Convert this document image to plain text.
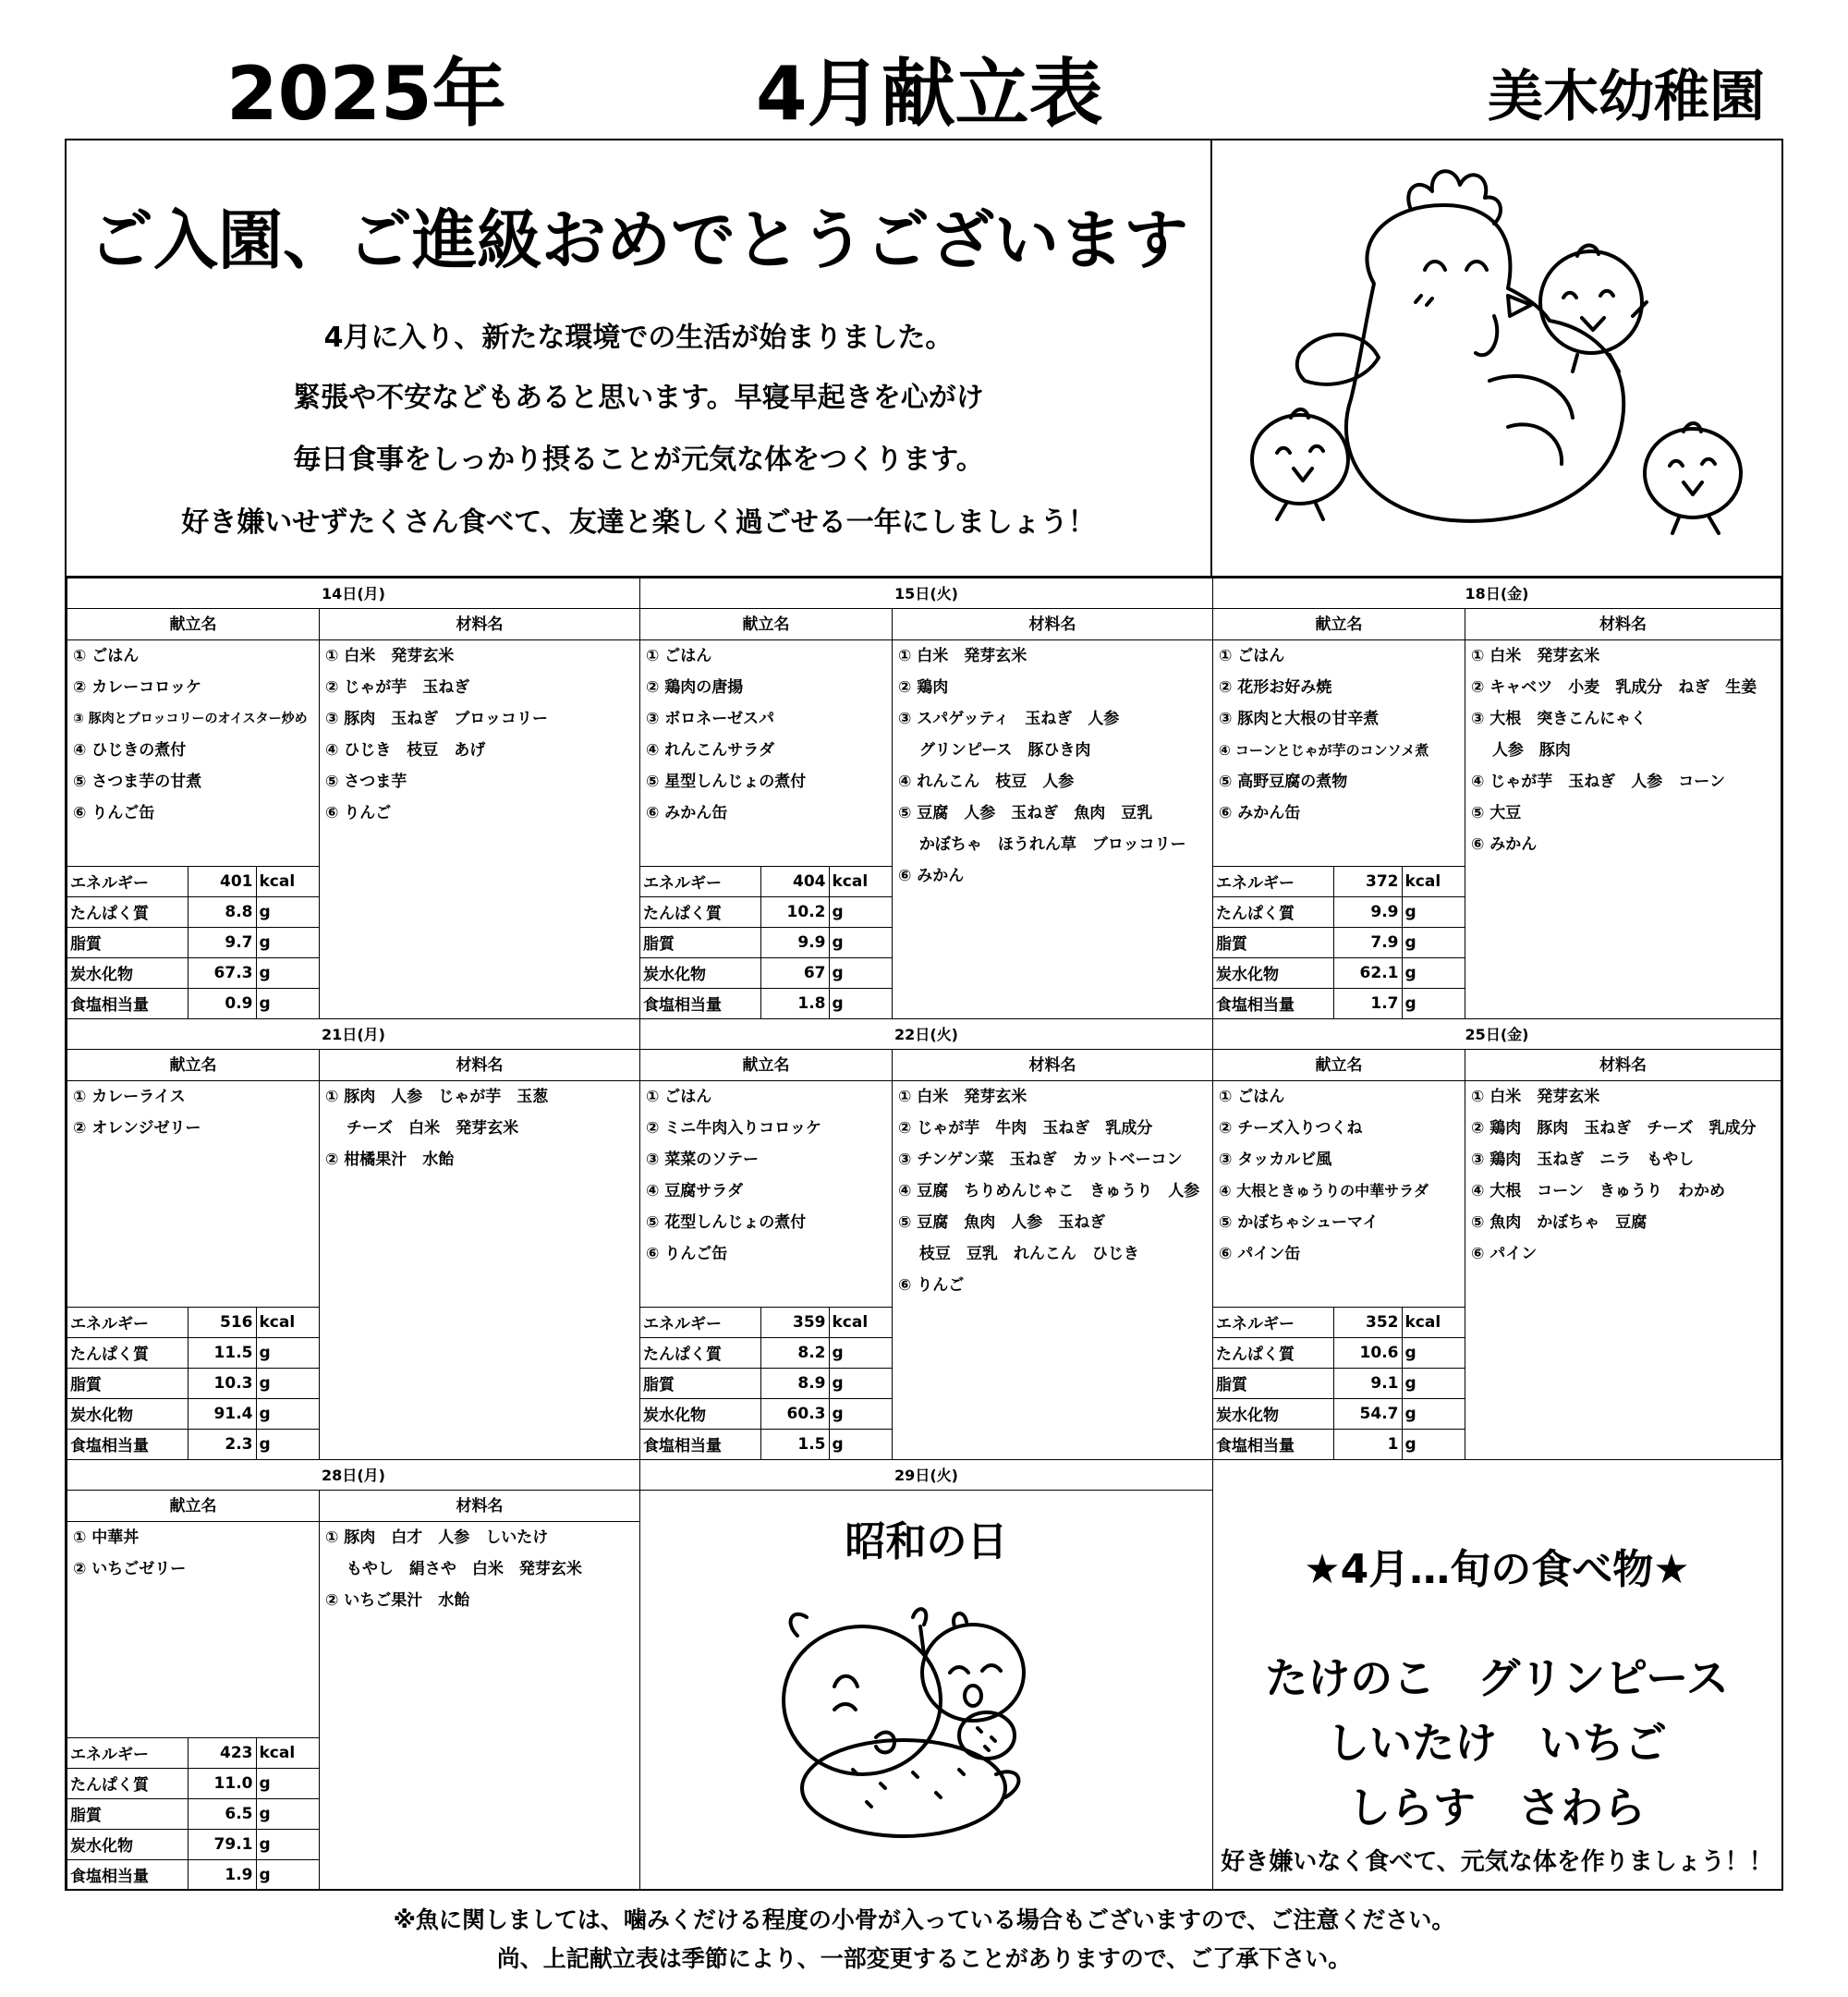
2025年	4月献立表	美木幼稚園
ご入園、ご進級おめでとうございます
4月に入り、新たな環境での生活が始まりました。
緊張や不安などもあると思います。早寝早起きを心がけ
毎日食事をしっかり摂ることが元気な体をつくります。
好き嫌いせずたくさん食べて、友達と楽しく過ごせる一年にしましょう！
14日(月)
献立名	材料名
① ごはん
② カレーコロッケ
③ 豚肉とブロッコリーのオイスター炒め
④ ひじきの煮付
⑤ さつま芋の甘煮
⑥ りんご缶
エネルギー	401	kcal
たんぱく質	8.8	g
脂質	9.7	g
炭水化物	67.3	g
食塩相当量	0.9	g
① 白米　発芽玄米
② じゃが芋　玉ねぎ
③ 豚肉　玉ねぎ　ブロッコリー
④ ひじき　枝豆　あげ
⑤ さつま芋
⑥ りんご
15日(火)
献立名	材料名
① ごはん
② 鶏肉の唐揚
③ ボロネーゼスパ
④ れんこんサラダ
⑤ 星型しんじょの煮付
⑥ みかん缶
エネルギー	404	kcal
たんぱく質	10.2	g
脂質	9.9	g
炭水化物	67	g
食塩相当量	1.8	g
① 白米　発芽玄米
② 鶏肉
③ スパゲッティ　玉ねぎ　人参
　 グリンピース　豚ひき肉
④ れんこん　枝豆　人参
⑤ 豆腐　人参　玉ねぎ　魚肉　豆乳
　 かぼちゃ　ほうれん草　ブロッコリー
⑥ みかん
18日(金)
献立名	材料名
① ごはん
② 花形お好み焼
③ 豚肉と大根の甘辛煮
④ コーンとじゃが芋のコンソメ煮
⑤ 高野豆腐の煮物
⑥ みかん缶
エネルギー	372	kcal
たんぱく質	9.9	g
脂質	7.9	g
炭水化物	62.1	g
食塩相当量	1.7	g
① 白米　発芽玄米
② キャベツ　小麦　乳成分　ねぎ　生姜
③ 大根　突きこんにゃく
　 人参　豚肉
④ じゃが芋　玉ねぎ　人参　コーン
⑤ 大豆
⑥ みかん
21日(月)
献立名	材料名
① カレーライス
② オレンジゼリー
エネルギー	516	kcal
たんぱく質	11.5	g
脂質	10.3	g
炭水化物	91.4	g
食塩相当量	2.3	g
① 豚肉　人参　じゃが芋　玉葱
　 チーズ　白米　発芽玄米
② 柑橘果汁　水飴
22日(火)
献立名	材料名
① ごはん
② ミニ牛肉入りコロッケ
③ 菜菜のソテー
④ 豆腐サラダ
⑤ 花型しんじょの煮付
⑥ りんご缶
エネルギー	359	kcal
たんぱく質	8.2	g
脂質	8.9	g
炭水化物	60.3	g
食塩相当量	1.5	g
① 白米　発芽玄米
② じゃが芋　牛肉　玉ねぎ　乳成分
③ チンゲン菜　玉ねぎ　カットベーコン
④ 豆腐　ちりめんじゃこ　きゅうり　人参
⑤ 豆腐　魚肉　人参　玉ねぎ
　 枝豆　豆乳　れんこん　ひじき
⑥ りんご
25日(金)
献立名	材料名
① ごはん
② チーズ入りつくね
③ タッカルビ風
④ 大根ときゅうりの中華サラダ
⑤ かぼちゃシューマイ
⑥ パイン缶
エネルギー	352	kcal
たんぱく質	10.6	g
脂質	9.1	g
炭水化物	54.7	g
食塩相当量	1	g
① 白米　発芽玄米
② 鶏肉　豚肉　玉ねぎ　チーズ　乳成分
③ 鶏肉　玉ねぎ　ニラ　もやし
④ 大根　コーン　きゅうり　わかめ
⑤ 魚肉　かぼちゃ　豆腐
⑥ パイン
28日(月)
献立名	材料名
① 中華丼
② いちごゼリー
エネルギー	423	kcal
たんぱく質	11.0	g
脂質	6.5	g
炭水化物	79.1	g
食塩相当量	1.9	g
① 豚肉　白才　人参　しいたけ
　 もやし　絹さや　白米　発芽玄米
② いちご果汁　水飴
29日(火)
昭和の日
★4月…旬の食べ物★
たけのこ　グリンピース
しいたけ　いちご
しらす　さわら
好き嫌いなく食べて、元気な体を作りましょう！！
※魚に関しましては、噛みくだける程度の小骨が入っている場合もございますので、ご注意ください。
尚、上記献立表は季節により、一部変更することがありますので、ご了承下さい。
